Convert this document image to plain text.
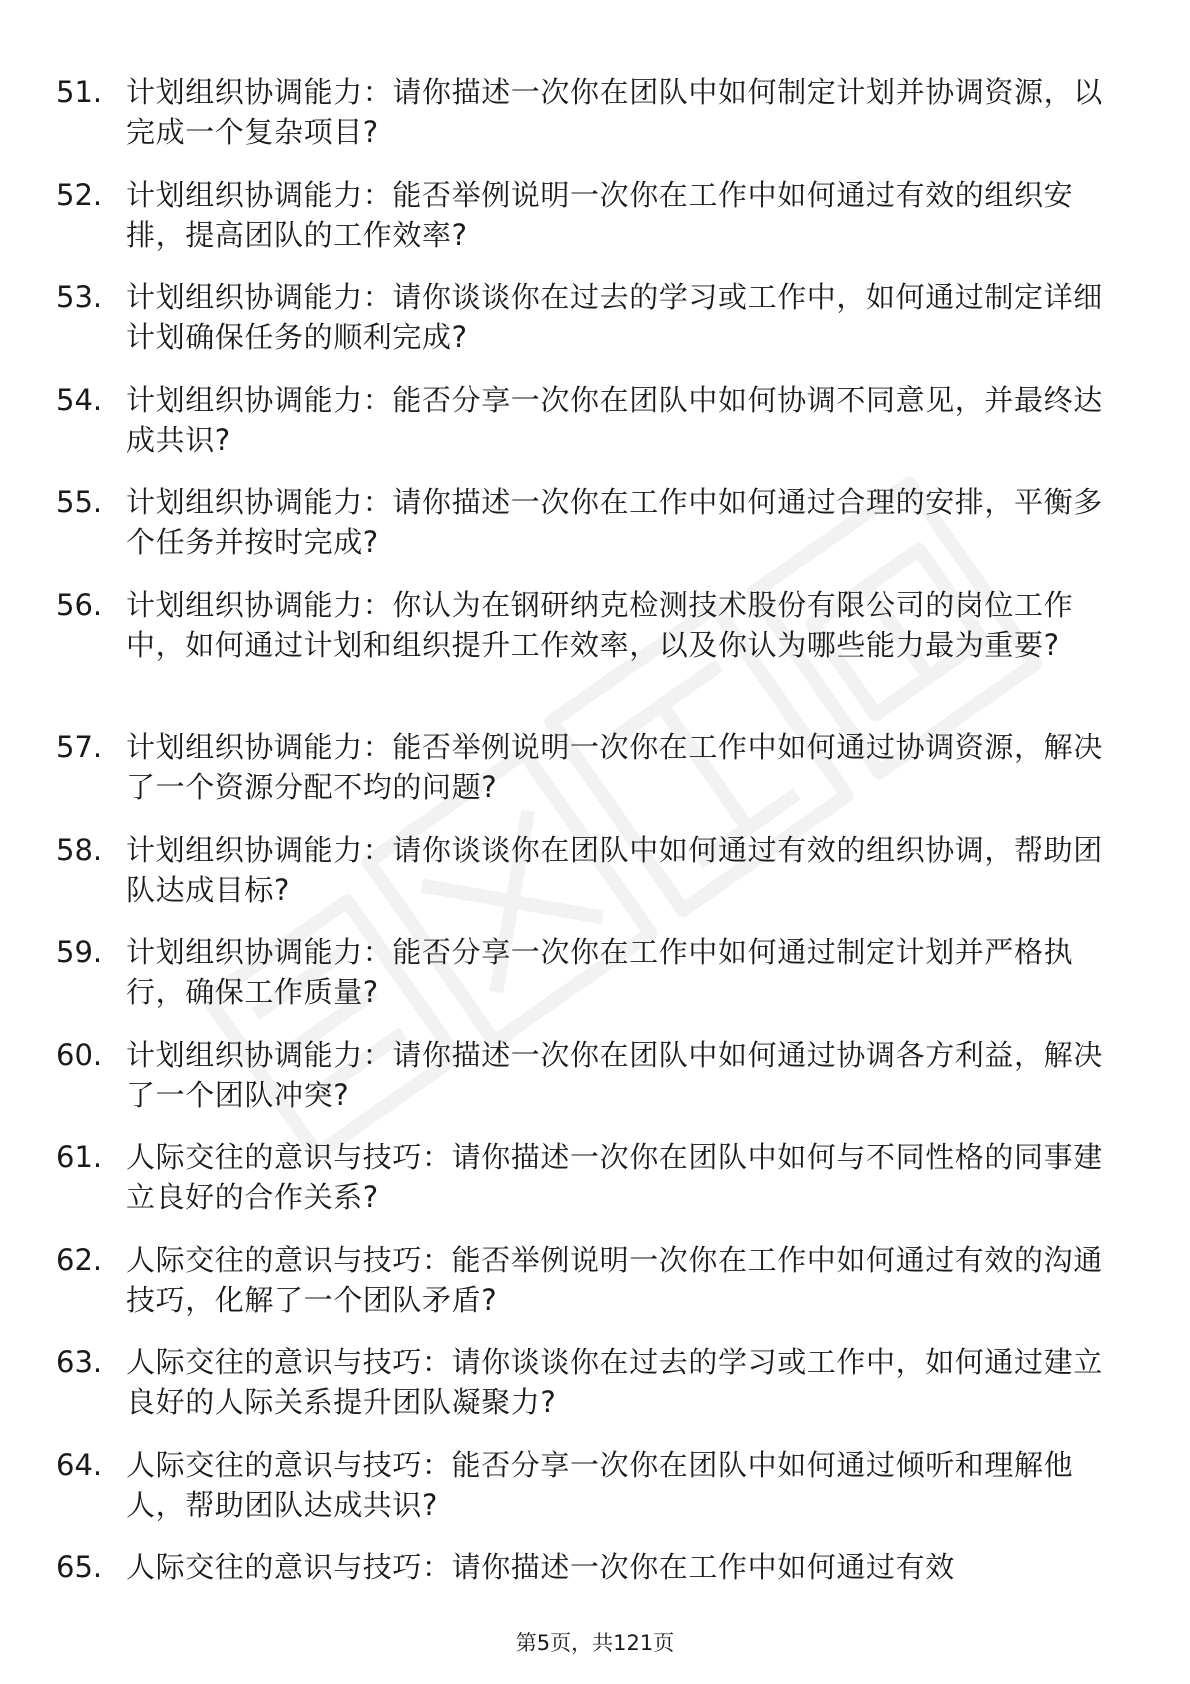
51. 计划组织协调能力：请你描述一次你在团队中如何制定计划并协调资源，以完成一个复杂项目?
52. 计划组织协调能力：能否举例说明一次你在工作中如何通过有效的组织安排，提高团队的工作效率?
53. 计划组织协调能力：请你谈谈你在过去的学习或工作中，如何通过制定详细计划确保任务的顺利完成?
54. 计划组织协调能力：能否分享一次你在团队中如何协调不同意见，并最终达成共识?
55. 计划组织协调能力：请你描述一次你在工作中如何通过合理的安排，平衡多个任务并按时完成?
56. 计划组织协调能力：你认为在钢研纳克检测技术股份有限公司的岗位工作中，如何通过计划和组织提升工作效率，以及你认为哪些能力最为重要?
57. 计划组织协调能力：能否举例说明一次你在工作中如何通过协调资源，解决了一个资源分配不均的问题?
58. 计划组织协调能力：请你谈谈你在团队中如何通过有效的组织协调，帮助团队达成目标?
59. 计划组织协调能力：能否分享一次你在工作中如何通过制定计划并严格执行，确保工作质量?
60. 计划组织协调能力：请你描述一次你在团队中如何通过协调各方利益，解决了一个团队冲突?
61. 人际交往的意识与技巧：请你描述一次你在团队中如何与不同性格的同事建立良好的合作关系?
62. 人际交往的意识与技巧：能否举例说明一次你在工作中如何通过有效的沟通技巧，化解了一个团队矛盾?
63. 人际交往的意识与技巧：请你谈谈你在过去的学习或工作中，如何通过建立良好的人际关系提升团队凝聚力?
64. 人际交往的意识与技巧：能否分享一次你在团队中如何通过倾听和理解他人，帮助团队达成共识?
65. 人际交往的意识与技巧：请你描述一次你在工作中如何通过有效
第5页，共121页
